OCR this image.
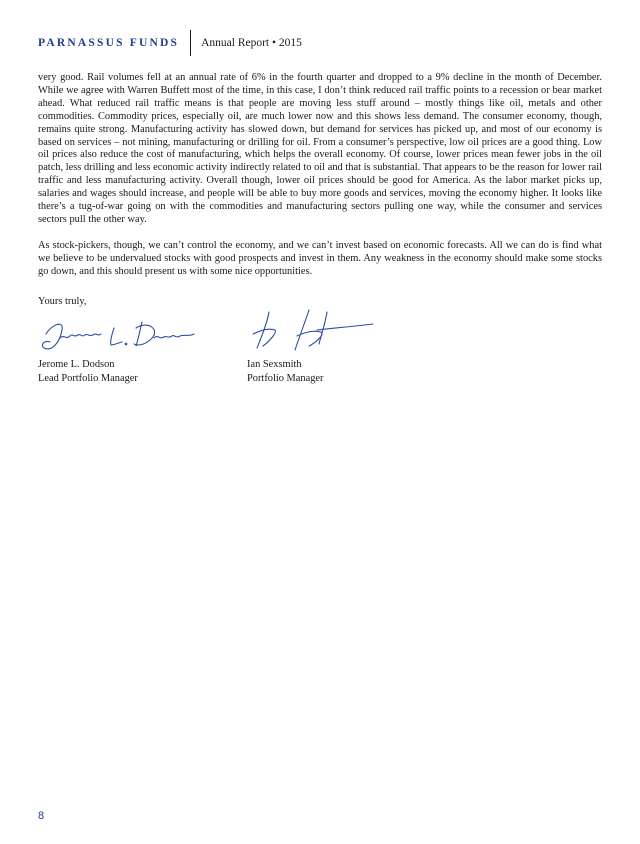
PARNASSUS FUNDS Annual Report • 2015

very good. Rail volumes fell at an annual rate of 6% in the fourth quarter and dropped to a 9% decline in the month of December. While we agree with Warren Buffett most of the time, in this case, I don’t think reduced rail traffic points to a recession or bear market ahead. What reduced rail traffic means is that people are moving less stuff around – mostly things like oil, metals and other commodities. Commodity prices, especially oil, are much lower now and this shows less demand. The consumer economy, though, remains quite strong. Manufacturing activity has slowed down, but demand for services has picked up, and most of our economy is based on services – not mining, manufacturing or drilling for oil. From a consumer’s perspective, low oil prices are a good thing. Low oil prices also reduce the cost of manufacturing, which helps the overall economy. Of course, lower prices mean fewer jobs in the oil patch, less drilling and less economic activity indirectly related to oil and that is substantial. That appears to be the reason for lower rail traffic and less manufacturing activity. Overall though, lower oil prices should be good for America. As the labor market picks up, salaries and wages should increase, and people will be able to buy more goods and services, moving the economy higher. It looks like there’s a tug-of-war going on with the commodities and manufacturing sectors pulling one way, while the consumer and services sectors pull the other way.

As stock-pickers, though, we can’t control the economy, and we can’t invest based on economic forecasts. All we can do is find what we believe to be undervalued stocks with good prospects and invest in them. Any weakness in the economy should make some stocks go down, and this should present us with some nice opportunities.

Yours truly,
Jerome L. Dodson
Lead Portfolio Manager
Ian Sexsmith
Portfolio Manager
8
